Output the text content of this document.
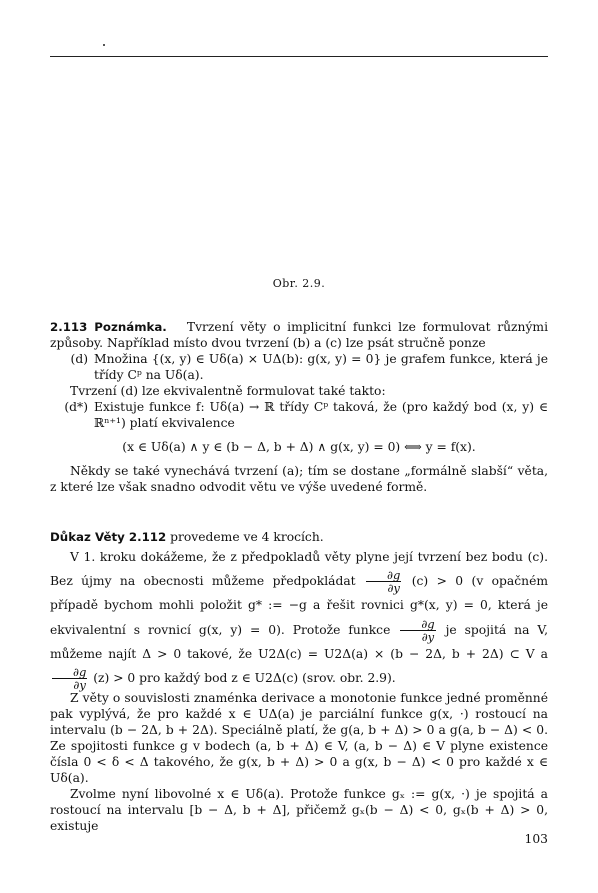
Obr. 2.9.

2.113 Poznámka. Tvrzení věty o implicitní funkci lze formulovat různými způsoby. Například místo dvou tvrzení (b) a (c) lze psát stručně ponze

(d) Množina {(x, y) ∈ Uδ(a) × UΔ(b): g(x, y) = 0} je grafem funkce, která je třídy Cᵖ na Uδ(a).

Tvrzení (d) lze ekvivalentně formulovat také takto:

(d*) Existuje funkce f: Uδ(a) → ℝ třídy Cᵖ taková, že (pro každý bod (x, y) ∈ ℝⁿ⁺¹) platí ekvivalence
(x ∈ Uδ(a) ∧ y ∈ (b − Δ, b + Δ) ∧ g(x, y) = 0) ⟺ y = f(x).

Někdy se také vynechává tvrzení (a); tím se dostane „formálně slabší“ věta, z které lze však snadno odvodit větu ve výše uvedené formě.

Důkaz Věty 2.112 provedeme ve 4 krocích.

V 1. kroku dokážeme, že z předpokladů věty plyne její tvrzení bez bodu (c). Bez újmy na obecnosti můžeme předpokládat $\frac{\partial g}{\partial y} (c) > 0$ (v opačném případě bychom mohli položit g* := −g a řešit rovnici g*(x, y) = 0, která je ekvivalentní s rovnicí g(x, y) = 0). Protože funkce $\frac{\partial g}{\partial y}$ je spojitá na V, můžeme najít Δ > 0 takové, že U2Δ(c) = U2Δ(a) × (b − 2Δ, b + 2Δ) ⊂ V a
$\frac{\partial g}{\partial y} (z) > 0$ pro každý bod z ∈ U2Δ(c) (srov. obr. 2.9).

Z věty o souvislosti znaménka derivace a monotonie funkce jedné proměnné pak vyplývá, že pro každé x ∈ UΔ(a) je parciální funkce g(x, ·) rostoucí na intervalu (b − 2Δ, b + 2Δ). Speciálně platí, že g(a, b + Δ) > 0 a g(a, b − Δ) < 0. Ze spojitosti funkce g v bodech (a, b + Δ) ∈ V, (a, b − Δ) ∈ V plyne existence čísla 0 < δ < Δ takového, že g(x, b + Δ) > 0 a g(x, b − Δ) < 0 pro každé x ∈ Uδ(a).

Zvolme nyní libovolné x ∈ Uδ(a). Protože funkce gₓ := g(x, ·) je spojitá a rostoucí na intervalu [b − Δ, b + Δ], přičemž gₓ(b − Δ) < 0, gₓ(b + Δ) > 0, existuje

103
